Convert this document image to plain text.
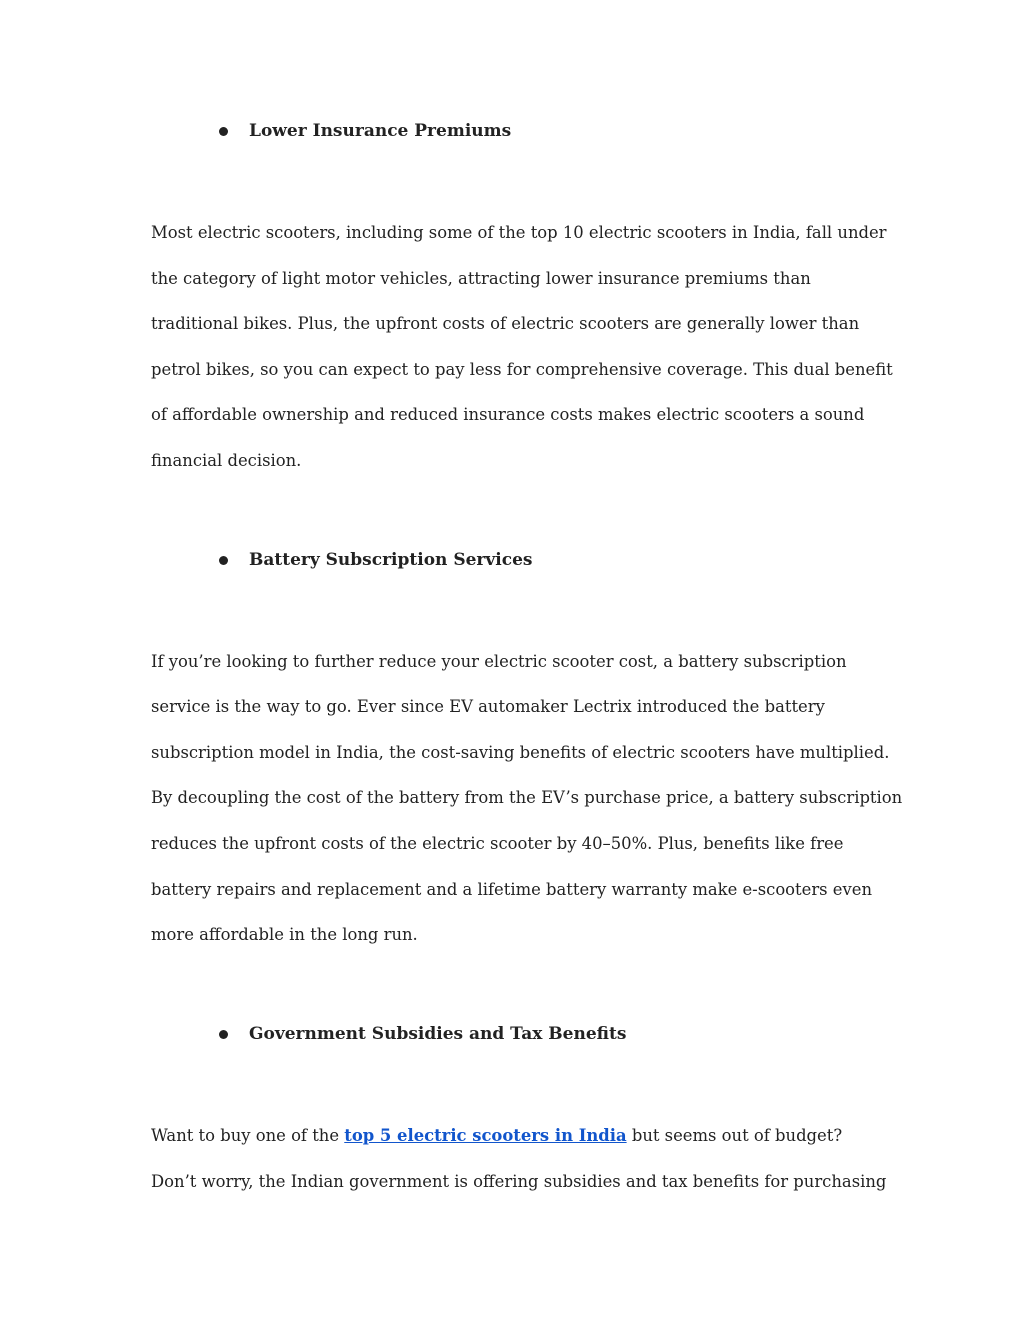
Lower Insurance Premiums
Most electric scooters, including some of the top 10 electric scooters in India, fall under
the category of light motor vehicles, attracting lower insurance premiums than
traditional bikes. Plus, the upfront costs of electric scooters are generally lower than
petrol bikes, so you can expect to pay less for comprehensive coverage. This dual benefit
of affordable ownership and reduced insurance costs makes electric scooters a sound
financial decision.
Battery Subscription Services
If you’re looking to further reduce your electric scooter cost, a battery subscription
service is the way to go. Ever since EV automaker Lectrix introduced the battery
subscription model in India, the cost-saving benefits of electric scooters have multiplied.
By decoupling the cost of the battery from the EV’s purchase price, a battery subscription
reduces the upfront costs of the electric scooter by 40–50%. Plus, benefits like free
battery repairs and replacement and a lifetime battery warranty make e-scooters even
more affordable in the long run.
Government Subsidies and Tax Benefits
Want to buy one of the top 5 electric scooters in India but seems out of budget?
Don’t worry, the Indian government is offering subsidies and tax benefits for purchasing
